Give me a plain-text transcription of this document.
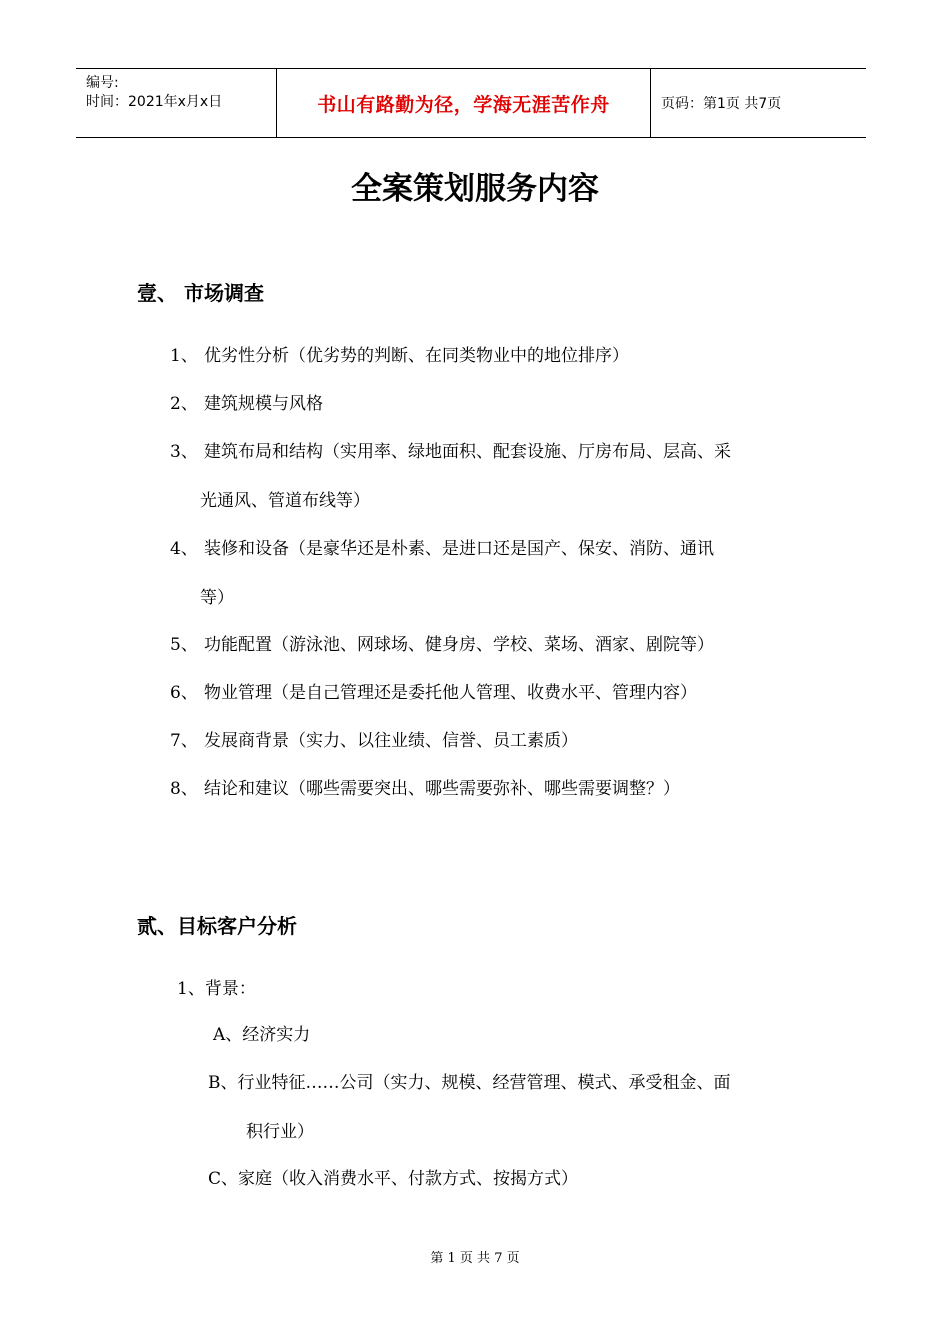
编号:
时间：2021年x月x日	书山有路勤为径，学海无涯苦作舟	页码：第1页 共7页
全案策划服务内容
壹、 市场调查
1、 优劣性分析（优劣势的判断、在同类物业中的地位排序）
2、 建筑规模与风格
3、 建筑布局和结构（实用率、绿地面积、配套设施、厅房布局、层高、采
光通风、管道布线等）
4、 装修和设备（是豪华还是朴素、是进口还是国产、保安、消防、通讯
等）
5、 功能配置（游泳池、网球场、健身房、学校、菜场、酒家、剧院等）
6、 物业管理（是自己管理还是委托他人管理、收费水平、管理内容）
7、 发展商背景（实力、以往业绩、信誉、员工素质）
8、 结论和建议（哪些需要突出、哪些需要弥补、哪些需要调整？）
贰、目标客户分析
1、背景：
A、经济实力
B、行业特征……公司（实力、规模、经营管理、模式、承受租金、面
积行业）
C、家庭（收入消费水平、付款方式、按揭方式）
第 1 页 共 7 页
